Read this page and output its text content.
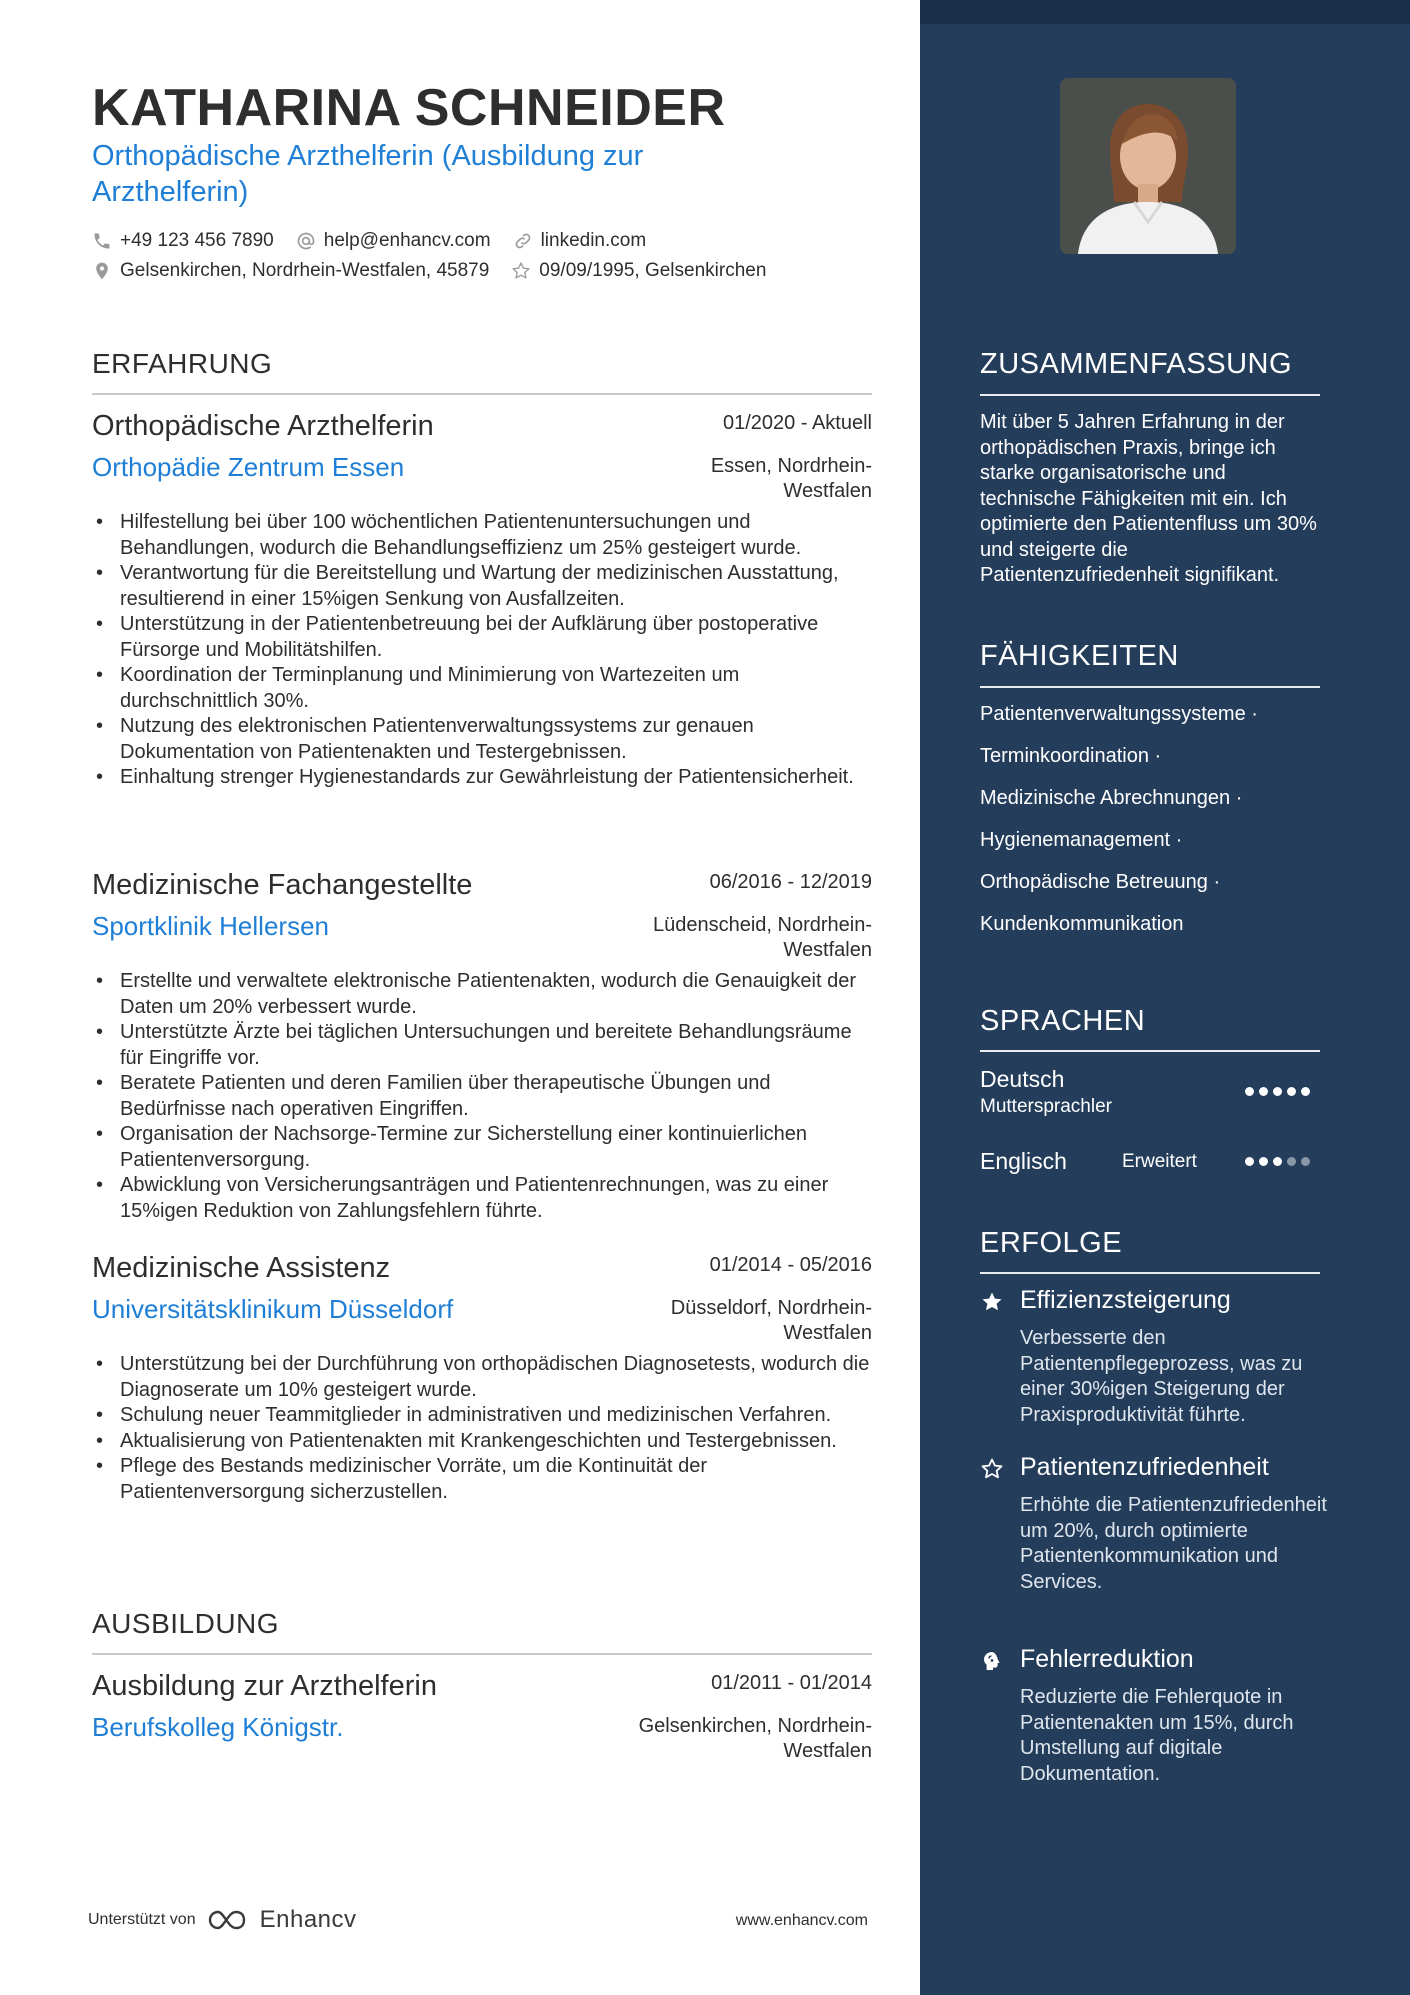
KATHARINA SCHNEIDER
Orthopädische Arzthelferin (Ausbildung zur Arzthelferin)
+49 123 456 7890	help@enhancv.com	linkedin.com
Gelsenkirchen, Nordrhein-Westfalen, 45879	09/09/1995, Gelsenkirchen
ERFAHRUNG
Orthopädische Arzthelferin	01/2020 - Aktuell
Orthopädie Zentrum Essen	Essen, Nordrhein-Westfalen
• Hilfestellung bei über 100 wöchentlichen Patientenuntersuchungen und Behandlungen, wodurch die Behandlungseffizienz um 25% gesteigert wurde.
• Verantwortung für die Bereitstellung und Wartung der medizinischen Ausstattung, resultierend in einer 15%igen Senkung von Ausfallzeiten.
• Unterstützung in der Patientenbetreuung bei der Aufklärung über postoperative Fürsorge und Mobilitätshilfen.
• Koordination der Terminplanung und Minimierung von Wartezeiten um durchschnittlich 30%.
• Nutzung des elektronischen Patientenverwaltungssystems zur genauen Dokumentation von Patientenakten und Testergebnissen.
• Einhaltung strenger Hygienestandards zur Gewährleistung der Patientensicherheit.
Medizinische Fachangestellte	06/2016 - 12/2019
Sportklinik Hellersen	Lüdenscheid, Nordrhein-Westfalen
• Erstellte und verwaltete elektronische Patientenakten, wodurch die Genauigkeit der Daten um 20% verbessert wurde.
• Unterstützte Ärzte bei täglichen Untersuchungen und bereitete Behandlungsräume für Eingriffe vor.
• Beratete Patienten und deren Familien über therapeutische Übungen und Bedürfnisse nach operativen Eingriffen.
• Organisation der Nachsorge-Termine zur Sicherstellung einer kontinuierlichen Patientenversorgung.
• Abwicklung von Versicherungsanträgen und Patientenrechnungen, was zu einer 15%igen Reduktion von Zahlungsfehlern führte.
Medizinische Assistenz	01/2014 - 05/2016
Universitätsklinikum Düsseldorf	Düsseldorf, Nordrhein-Westfalen
• Unterstützung bei der Durchführung von orthopädischen Diagnosetests, wodurch die Diagnoserate um 10% gesteigert wurde.
• Schulung neuer Teammitglieder in administrativen und medizinischen Verfahren.
• Aktualisierung von Patientenakten mit Krankengeschichten und Testergebnissen.
• Pflege des Bestands medizinischer Vorräte, um die Kontinuität der Patientenversorgung sicherzustellen.
AUSBILDUNG
Ausbildung zur Arzthelferin	01/2011 - 01/2014
Berufskolleg Königstr.	Gelsenkirchen, Nordrhein-Westfalen
Unterstützt von	Enhancv	www.enhancv.com
ZUSAMMENFASSUNG
Mit über 5 Jahren Erfahrung in der orthopädischen Praxis, bringe ich starke organisatorische und technische Fähigkeiten mit ein. Ich optimierte den Patientenfluss um 30% und steigerte die Patientenzufriedenheit signifikant.
FÄHIGKEITEN
Patientenverwaltungssysteme ·
Terminkoordination ·
Medizinische Abrechnungen ·
Hygienemanagement ·
Orthopädische Betreuung ·
Kundenkommunikation
SPRACHEN
Deutsch
Muttersprachler
Englisch	Erweitert
ERFOLGE
Effizienzsteigerung
Verbesserte den Patientenpflegeprozess, was zu einer 30%igen Steigerung der Praxisproduktivität führte.
Patientenzufriedenheit
Erhöhte die Patientenzufriedenheit um 20%, durch optimierte Patientenkommunikation und Services.
Fehlerreduktion
Reduzierte die Fehlerquote in Patientenakten um 15%, durch Umstellung auf digitale Dokumentation.
